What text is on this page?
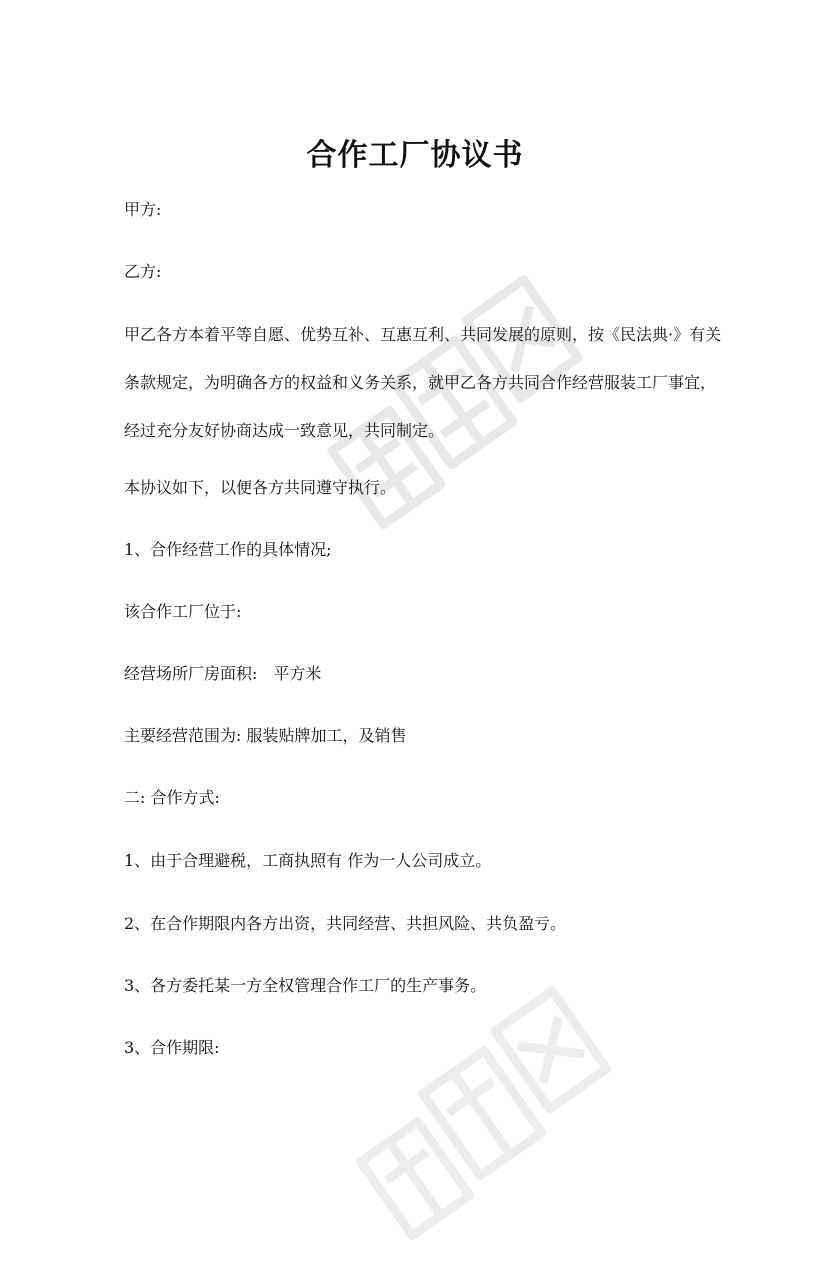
合作工厂协议书

甲方:

乙方:

甲乙各方本着平等自愿、优势互补、互惠互利、共同发展的原则，按《民法典·》有关条款规定，为明确各方的权益和义务关系，就甲乙各方共同合作经营服装工厂事宜，经过充分友好协商达成一致意见，共同制定。

本协议如下，以便各方共同遵守执行。

1、合作经营工作的具体情况;

该合作工厂位于:

经营场所厂房面积:　平方米

主要经营范围为: 服装贴牌加工，及销售

二: 合作方式:

1、由于合理避税，工商执照有 作为一人公司成立。

2、在合作期限内各方出资，共同经营、共担风险、共负盈亏。

3、各方委托某一方全权管理合作工厂的生产事务。

3、合作期限:
